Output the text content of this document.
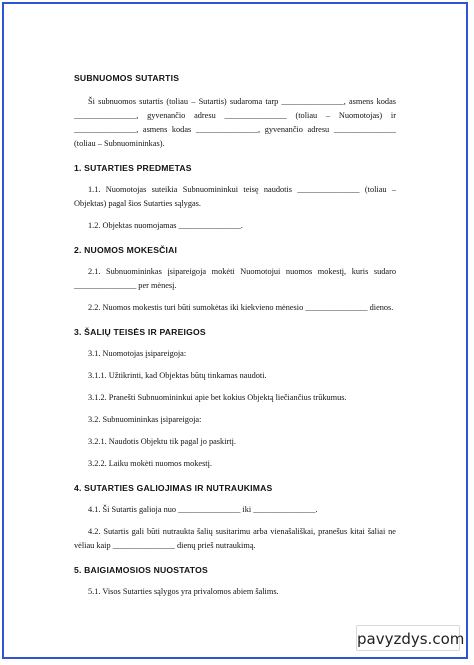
SUBNUOMOS SUTARTIS

Ši subnuomos sutartis (toliau – Sutartis) sudaroma tarp _______________, asmens kodas _______________, gyvenančio adresu _______________ (toliau – Nuomotojas) ir _______________, asmens kodas _______________, gyvenančio adresu _______________ (toliau – Subnuomininkas).

1. SUTARTIES PREDMETAS

1.1. Nuomotojas suteikia Subnuomininkui teisę naudotis _______________ (toliau – Objektas) pagal šios Sutarties sąlygas.

1.2. Objektas nuomojamas _______________.

2. NUOMOS MOKESČIAI

2.1. Subnuomininkas įsipareigoja mokėti Nuomotojui nuomos mokestį, kuris sudaro _______________ per mėnesį.

2.2. Nuomos mokestis turi būti sumokėtas iki kiekvieno mėnesio _______________ dienos.

3. ŠALIŲ TEISĖS IR PAREIGOS

3.1. Nuomotojas įsipareigoja:

3.1.1. Užtikrinti, kad Objektas būtų tinkamas naudoti.

3.1.2. Pranešti Subnuomininkui apie bet kokius Objektą liečiančius trūkumus.

3.2. Subnuomininkas įsipareigoja:

3.2.1. Naudotis Objektu tik pagal jo paskirtį.

3.2.2. Laiku mokėti nuomos mokestį.

4. SUTARTIES GALIOJIMAS IR NUTRAUKIMAS

4.1. Ši Sutartis galioja nuo _______________ iki _______________.

4.2. Sutartis gali būti nutraukta šalių susitarimu arba vienašališkai, pranešus kitai šaliai ne vėliau kaip _______________ dienų prieš nutraukimą.

5. BAIGIAMOSIOS NUOSTATOS

5.1. Visos Sutarties sąlygos yra privalomos abiem šalims.

pavyzdys.com
